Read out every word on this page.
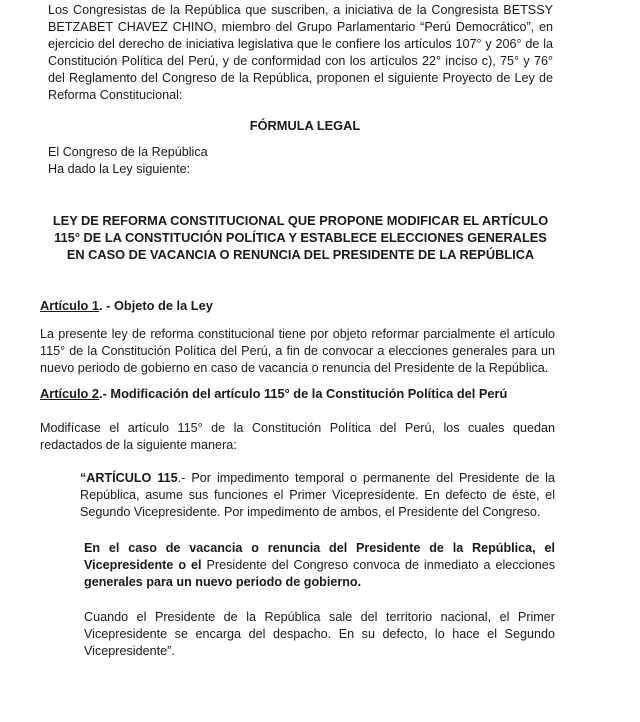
Los Congresistas de la República que suscriben, a iniciativa de la Congresista BETSSY BETZABET CHAVEZ CHINO, miembro del Grupo Parlamentario “Perú Democrático”, en ejercicio del derecho de iniciativa legislativa que le confiere los artículos 107° y 206° de la Constitución Política del Perú, y de conformidad con los artículos 22° inciso c), 75° y 76° del Reglamento del Congreso de la República, proponen el siguiente Proyecto de Ley de Reforma Constitucional:

FÓRMULA LEGAL

El Congreso de la República

Ha dado la Ley siguiente:

LEY DE REFORMA CONSTITUCIONAL QUE PROPONE MODIFICAR EL ARTÍCULO
115° DE LA CONSTITUCIÓN POLÍTICA Y ESTABLECE ELECCIONES GENERALES
EN CASO DE VACANCIA O RENUNCIA DEL PRESIDENTE DE LA REPÚBLICA
Artículo 1. - Objeto de la Ley

La presente ley de reforma constitucional tiene por objeto reformar parcialmente el artículo 115° de la Constitución Política del Perú, a fin de convocar a elecciones generales para un nuevo periodo de gobierno en caso de vacancia o renuncia del Presidente de la República.

Artículo 2.- Modificación del artículo 115° de la Constitución Política del Perú

Modifícase el artículo 115° de la Constitución Política del Perú, los cuales quedan redactados de la siguiente manera:

“ARTÍCULO 115.- Por impedimento temporal o permanente del Presidente de la República, asume sus funciones el Primer Vicepresidente. En defecto de éste, el Segundo Vicepresidente. Por impedimento de ambos, el Presidente del Congreso.

En el caso de vacancia o renuncia del Presidente de la República, el Vicepresidente o el Presidente del Congreso convoca de inmediato a elecciones generales para un nuevo periodo de gobierno.

Cuando el Presidente de la República sale del territorio nacional, el Primer Vicepresidente se encarga del despacho. En su defecto, lo hace el Segundo Vicepresidente”.
